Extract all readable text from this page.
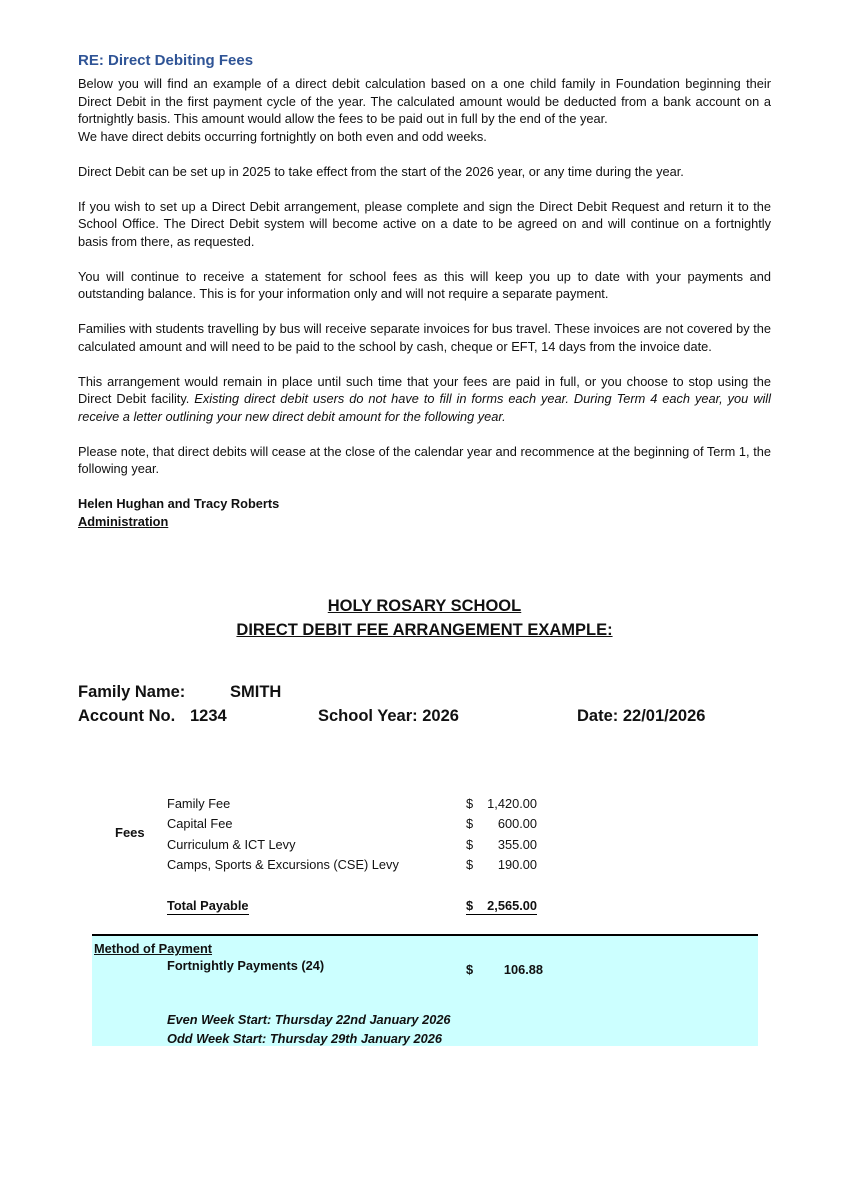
RE: Direct Debiting Fees

Below you will find an example of a direct debit calculation based on a one child family in Foundation beginning their Direct Debit in the first payment cycle of the year. The calculated amount would be deducted from a bank account on a fortnightly basis. This amount would allow the fees to be paid out in full by the end of the year.

We have direct debits occurring fortnightly on both even and odd weeks.

Direct Debit can be set up in 2025 to take effect from the start of the 2026 year, or any time during the year.

If you wish to set up a Direct Debit arrangement, please complete and sign the Direct Debit Request and return it to the School Office. The Direct Debit system will become active on a date to be agreed on and will continue on a fortnightly basis from there, as requested.

You will continue to receive a statement for school fees as this will keep you up to date with your payments and outstanding balance. This is for your information only and will not require a separate payment.

Families with students travelling by bus will receive separate invoices for bus travel. These invoices are not covered by the calculated amount and will need to be paid to the school by cash, cheque or EFT, 14 days from the invoice date.

This arrangement would remain in place until such time that your fees are paid in full, or you choose to stop using the Direct Debit facility. Existing direct debit users do not have to fill in forms each year. During Term 4 each year, you will receive a letter outlining your new direct debit amount for the following year.

Please note, that direct debits will cease at the close of the calendar year and recommence at the beginning of Term 1, the following year.

Helen Hughan and Tracy Roberts
Administration
HOLY ROSARY SCHOOL
DIRECT DEBIT FEE ARRANGEMENT EXAMPLE:
Family Name:	SMITH
Account No. 1234	School Year: 2026	Date: 22/01/2026
Fees
Family Fee	$	1,420.00
Capital Fee	$	600.00
Curriculum & ICT Levy	$	355.00
Camps, Sports & Excursions (CSE) Levy	$	190.00
Total Payable	$ 2,565.00
Method of Payment
Fortnightly Payments (24)	$ 106.88
Even Week Start: Thursday 22nd January 2026
Odd Week Start: Thursday 29th January 2026
